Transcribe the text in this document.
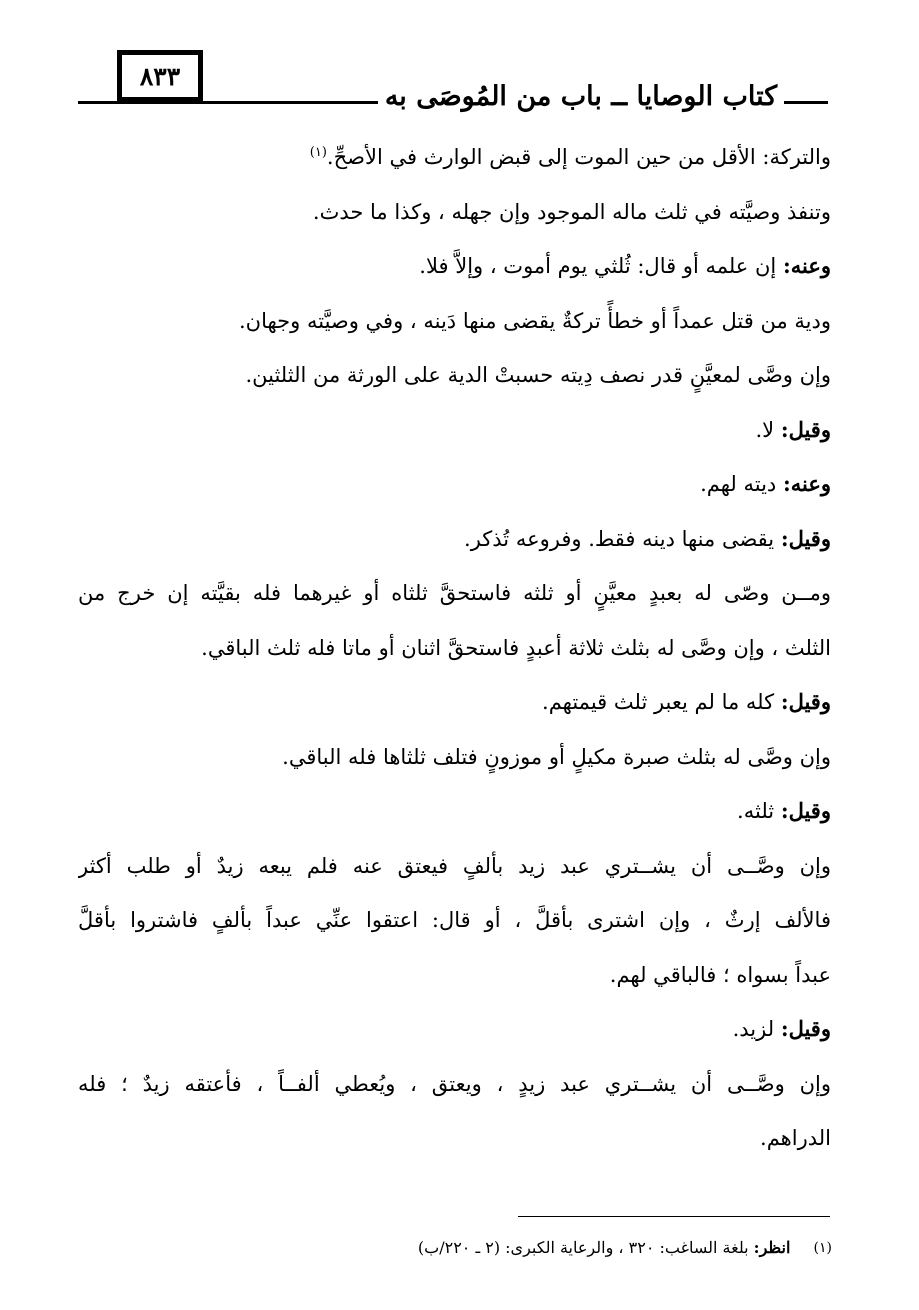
٨٣٣
كتاب الوصايا ــ باب من المُوصَى به
والتركة: الأقل من حين الموت إلى قبض الوارث في الأصحِّ.$^{(١)}$
وتنفذ وصيَّته في ثلث ماله الموجود وإن جهله ، وكذا ما حدث.
وعنه: إن علمه أو قال: ثُلثي يوم أموت ، وإلاَّ فلا.
ودية من قتل عمداً أو خطأً تركةٌ يقضى منها دَينه ، وفي وصيَّته وجهان.
وإن وصَّى لمعيَّنٍ قدر نصف دِيته حسبتْ الدية على الورثة من الثلثين.
وقيل: لا.
وعنه: ديته لهم.
وقيل: يقضى منها دينه فقط. وفروعه تُذكر.
ومــن وصّى له بعبدٍ معيَّنٍ أو ثلثه فاستحقَّ ثلثاه أو غيرهما فله بقيَّته إن خرج من
الثلث ، وإن وصَّى له بثلث ثلاثة أعبدٍ فاستحقَّ اثنان أو ماتا فله ثلث الباقي.
وقيل: كله ما لم يعبر ثلث قيمتهم.
وإن وصَّى له بثلث صبرة مكيلٍ أو موزونٍ فتلف ثلثاها فله الباقي.
وقيل: ثلثه.
وإن وصَّــى أن يشــتري عبد زيد بألفٍ فيعتق عنه فلم يبعه زيدٌ أو طلب أكثر
فالألف إرثٌ ، وإن اشترى بأقلَّ ، أو قال: اعتقوا عنِّي عبداً بألفٍ فاشتروا بأقلَّ
عبداً بسواه ؛ فالباقي لهم.
وقيل: لزيد.
وإن وصَّــى أن يشــتري عبد زيدٍ ، ويعتق ، ويُعطي ألفــاً ، فأعتقه زيدٌ ؛ فله
الدراهم.
(١) انظر: بلغة الساغب: ٣٢٠ ، والرعاية الكبرى: (٢ ـ ٢٢٠/ب)
